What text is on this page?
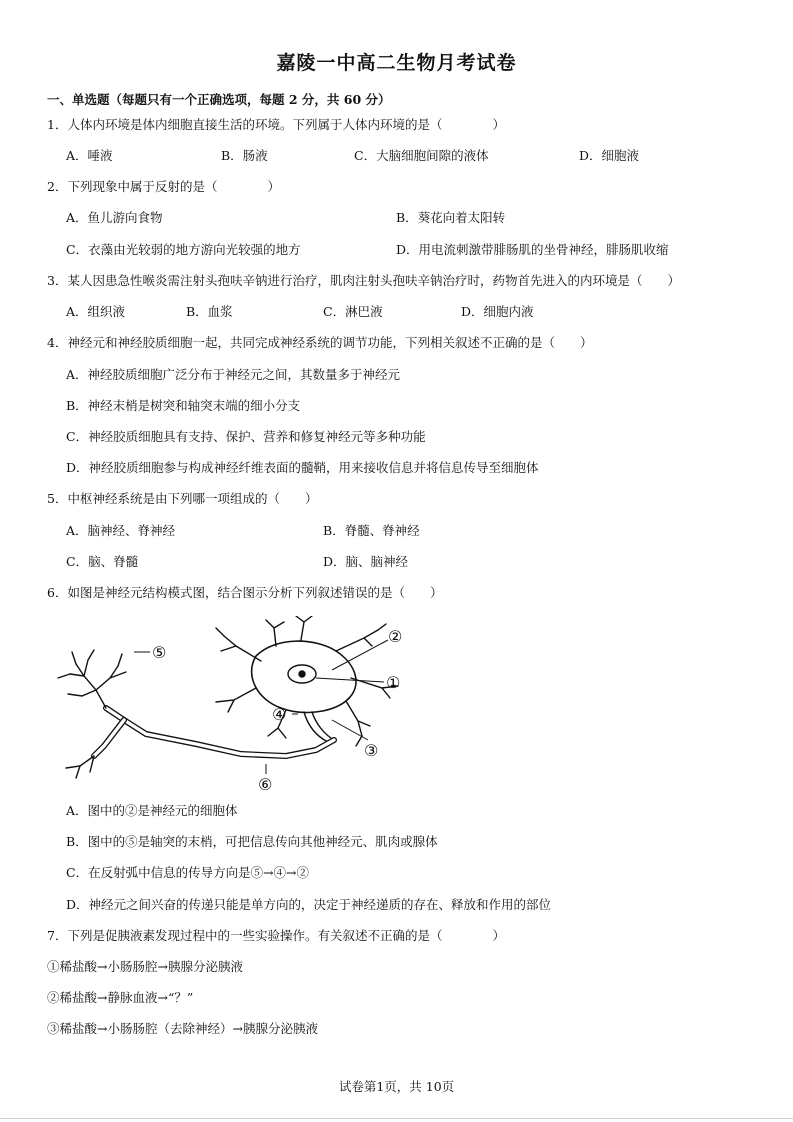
嘉陵一中高二生物月考试卷
一、单选题（每题只有一个正确选项，每题 2 分，共 60 分）
1．人体内环境是体内细胞直接生活的环境。下列属于人体内环境的是（　　　　）
A．唾液	B．肠液	C．大脑细胞间隙的液体	D．细胞液
2．下列现象中属于反射的是（　　　　）
A．鱼儿游向食物	B．葵花向着太阳转
C．衣藻由光较弱的地方游向光较强的地方	D．用电流刺激带腓肠肌的坐骨神经，腓肠肌收缩
3．某人因患急性喉炎需注射头孢呋辛钠进行治疗，肌肉注射头孢呋辛钠治疗时，药物首先进入的内环境是（　　）
A．组织液	B．血浆	C．淋巴液	D．细胞内液
4．神经元和神经胶质细胞一起，共同完成神经系统的调节功能，下列相关叙述不正确的是（　　）
A．神经胶质细胞广泛分布于神经元之间，其数量多于神经元
B．神经末梢是树突和轴突末端的细小分支
C．神经胶质细胞具有支持、保护、营养和修复神经元等多种功能
D．神经胶质细胞参与构成神经纤维表面的髓鞘，用来接收信息并将信息传导至细胞体
5．中枢神经系统是由下列哪一项组成的（　　）
A．脑神经、脊神经	B．脊髓、脊神经
C．脑、脊髓	D．脑、脑神经
6．如图是神经元结构模式图，结合图示分析下列叙述错误的是（　　）
⑤
②
①
④
③
⑥
A．图中的②是神经元的细胞体
B．图中的⑤是轴突的末梢，可把信息传向其他神经元、肌肉或腺体
C．在反射弧中信息的传导方向是⑤→④→②
D．神经元之间兴奋的传递只能是单方向的，决定于神经递质的存在、释放和作用的部位
7．下列是促胰液素发现过程中的一些实验操作。有关叙述不正确的是（　　　　）
①稀盐酸→小肠肠腔→胰腺分泌胰液
②稀盐酸→静脉血液→“？”
③稀盐酸→小肠肠腔（去除神经）→胰腺分泌胰液
试卷第1页，共 10页
